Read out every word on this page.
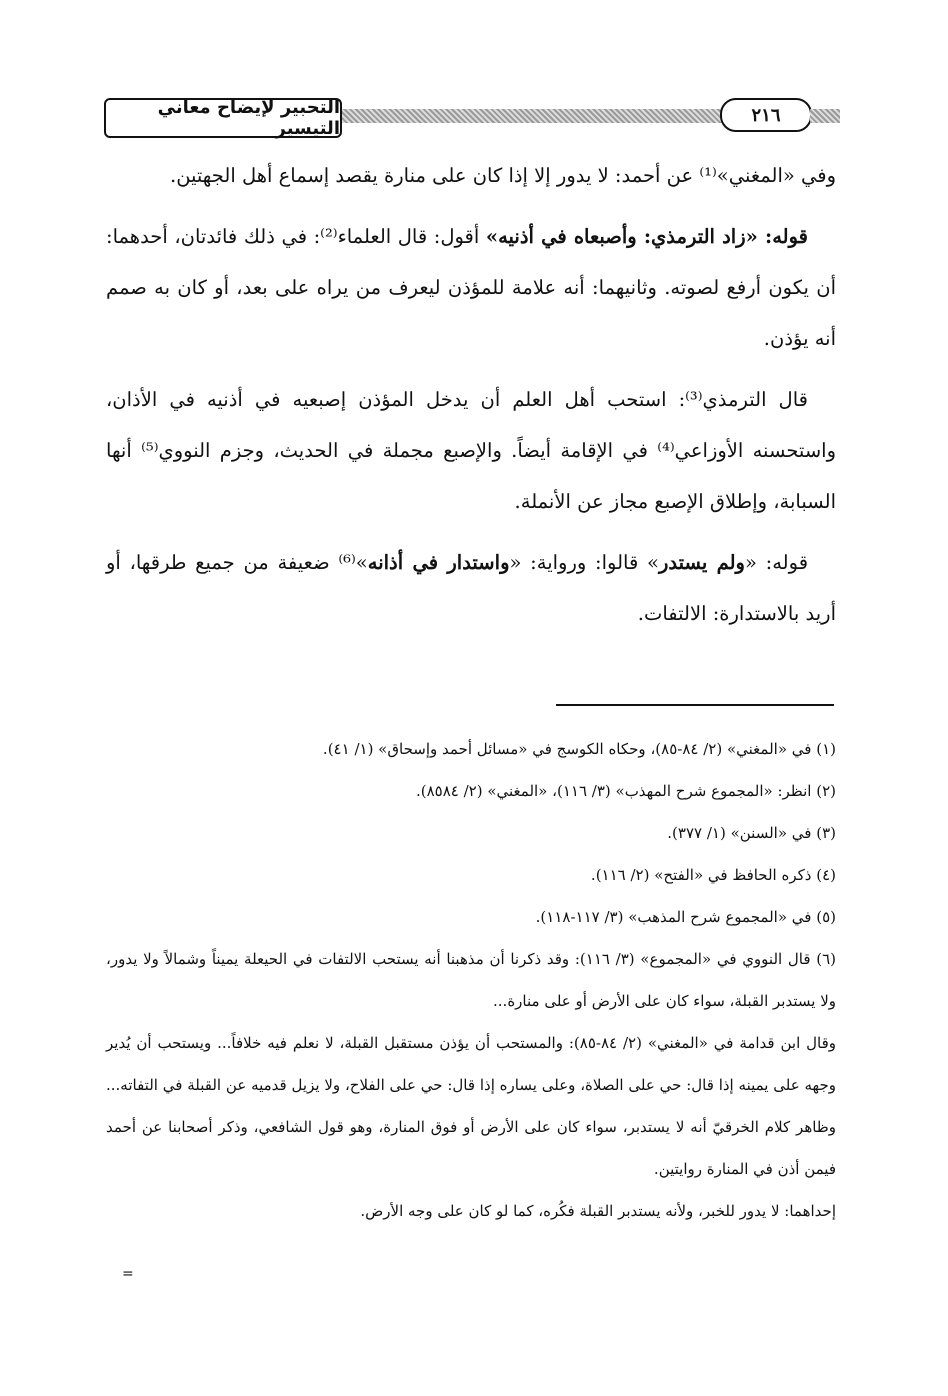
التحبير لإيضاح معاني التيسير
٢١٦

وفي «المغني»⁽¹⁾ عن أحمد: لا يدور إلا إذا كان على منارة يقصد إسماع أهل الجهتين.

قوله: «زاد الترمذي: وأصبعاه في أذنيه» أقول: قال العلماء⁽²⁾: في ذلك فائدتان، أحدهما: أن يكون أرفع لصوته. وثانيهما: أنه علامة للمؤذن ليعرف من يراه على بعد، أو كان به صمم أنه يؤذن.

قال الترمذي⁽³⁾: استحب أهل العلم أن يدخل المؤذن إصبعيه في أذنيه في الأذان، واستحسنه الأوزاعي⁽⁴⁾ في الإقامة أيضاً. والإصبع مجملة في الحديث، وجزم النووي⁽⁵⁾ أنها السبابة، وإطلاق الإصبع مجاز عن الأنملة.

قوله: «ولم يستدر» قالوا: ورواية: «واستدار في أذانه»⁽⁶⁾ ضعيفة من جميع طرقها، أو أريد بالاستدارة: الالتفات.

(١) في «المغني» (٢/ ٨٤-٨٥)، وحكاه الكوسج في «مسائل أحمد وإسحاق» (١/ ٤١).

(٢) انظر: «المجموع شرح المهذب» (٣/ ١١٦)، «المغني» (٢/ ٨٥٨٤).

(٣) في «السنن» (١/ ٣٧٧).

(٤) ذكره الحافظ في «الفتح» (٢/ ١١٦).

(٥) في «المجموع شرح المذهب» (٣/ ١١٧-١١٨).

(٦) قال النووي في «المجموع» (٣/ ١١٦): وقد ذكرنا أن مذهبنا أنه يستحب الالتفات في الحيعلة يميناً وشمالاً ولا يدور، ولا يستدبر القبلة، سواء كان على الأرض أو على منارة...

وقال ابن قدامة في «المغني» (٢/ ٨٤-٨٥): والمستحب أن يؤذن مستقبل القبلة، لا نعلم فيه خلافاً... ويستحب أن يُدير وجهه على يمينه إذا قال: حي على الصلاة، وعلى يساره إذا قال: حي على الفلاح، ولا يزيل قدميه عن القبلة في التفاته... وظاهر كلام الخرقيّ أنه لا يستدبر، سواء كان على الأرض أو فوق المنارة، وهو قول الشافعي، وذكر أصحابنا عن أحمد فيمن أذن في المنارة روايتين.

إحداهما: لا يدور للخبر، ولأنه يستدبر القبلة فكُره، كما لو كان على وجه الأرض.

=
